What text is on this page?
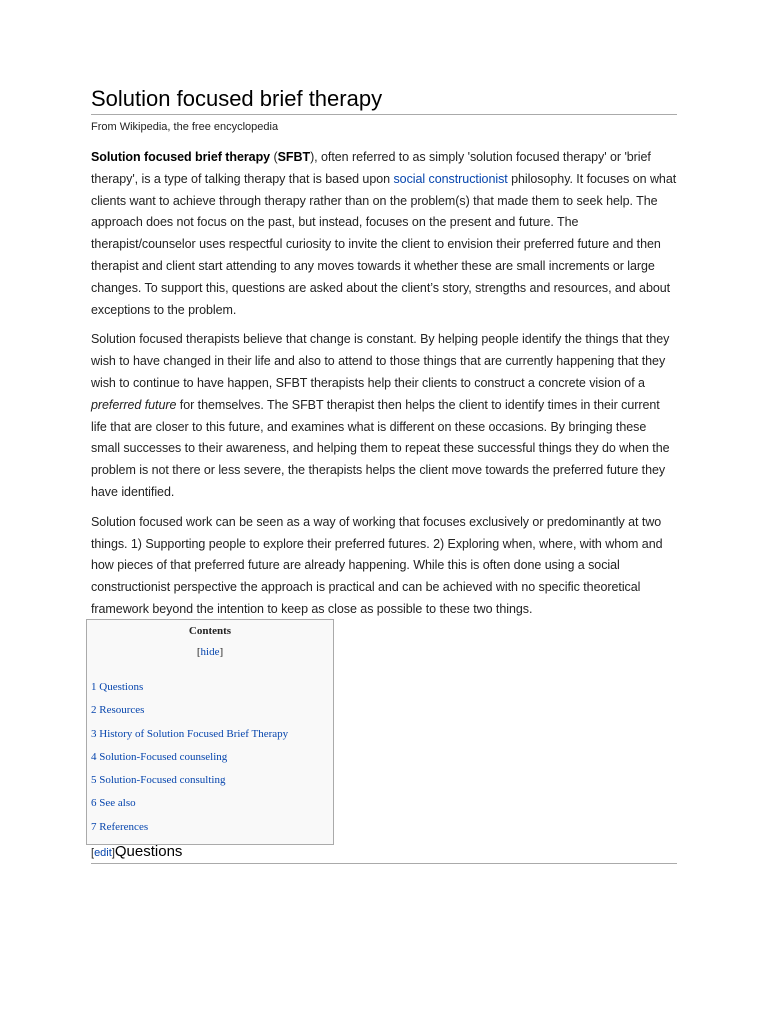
Solution focused brief therapy
From Wikipedia, the free encyclopedia

Solution focused brief therapy (SFBT), often referred to as simply 'solution focused therapy' or 'brief therapy', is a type of talking therapy that is based upon social constructionist philosophy. It focuses on what clients want to achieve through therapy rather than on the problem(s) that made them to seek help. The approach does not focus on the past, but instead, focuses on the present and future. The therapist/counselor uses respectful curiosity to invite the client to envision their preferred future and then therapist and client start attending to any moves towards it whether these are small increments or large changes. To support this, questions are asked about the client’s story, strengths and resources, and about exceptions to the problem.

Solution focused therapists believe that change is constant. By helping people identify the things that they wish to have changed in their life and also to attend to those things that are currently happening that they wish to continue to have happen, SFBT therapists help their clients to construct a concrete vision of a preferred future for themselves. The SFBT therapist then helps the client to identify times in their current life that are closer to this future, and examines what is different on these occasions. By bringing these small successes to their awareness, and helping them to repeat these successful things they do when the problem is not there or less severe, the therapists helps the client move towards the preferred future they have identified.

Solution focused work can be seen as a way of working that focuses exclusively or predominantly at two things. 1) Supporting people to explore their preferred futures. 2) Exploring when, where, with whom and how pieces of that preferred future are already happening. While this is often done using a social constructionist perspective the approach is practical and can be achieved with no specific theoretical framework beyond the intention to keep as close as possible to these two things.

Contents
[hide]
1 Questions
2 Resources
3 History of Solution Focused Brief Therapy
4 Solution-Focused counseling
5 Solution-Focused consulting
6 See also
7 References
[edit]Questions
